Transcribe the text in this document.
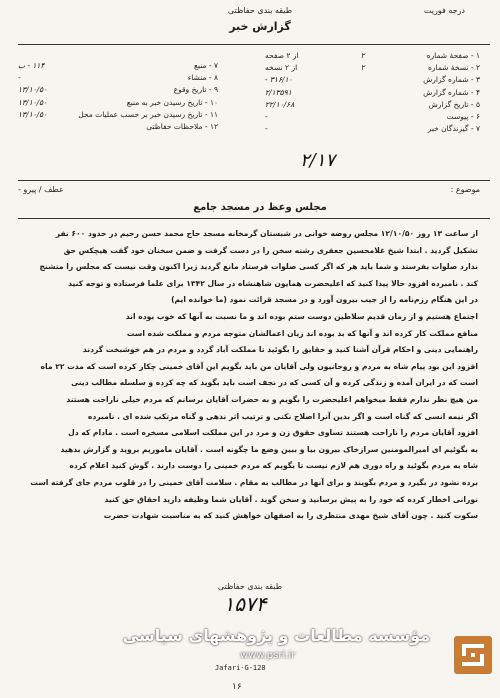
طبقه بندی حفاظتی
گزارش خبر
درجه فوریت
۱ - صفحهٔ شماره
۲
از ۲ صفحه
۲ - نسخهٔ شماره
۲
از ۲ نسخه
۳ - شماره گزارش
۳۱۶/۱۰ -
۴ - شماره گزارش
۲/۱۳۵۹۱
۵ - تاریخ گزارش
۲۲/۱۰/۶۸
۶ - پیوست
-
۷ - گیرندگان خبر
-
۷ - منبع
۱۱۴ - ب
۸ - منشاء
-
۹ - تاریخ وقوع
۱۳/۱۰/۵۰
۱۰ - تاریخ رسیدن خبر به منبع
۱۳/۱۰/۵۰
۱۱ - تاریخ رسیدن خبر بر حسب عملیات محل
۱۳/۱۰/۵۰
۱۲ - ملاحظات حفاظتی
۲/۱۷
موضوع :
عطف / پیرو -
مجلس وعظ در مسجد جامع
از ساعت ۱۳ روز ۱۲/۱۰/۵۰ مجلس روضه خوانی در شبستان گرمخانه مسجد حاج محمد حسن رحیم در حدود ۶۰۰ نفر
تشکیل گردید . ابتدا شیخ غلامحسین جعفری رشته سخن را در دست گرفت و ضمن سخنان خود گفت هیچکس حق
ندارد صلوات بفرستد و شما باید هر که اگر کسی صلوات فرستاد مانع گردید زیرا اکنون وقت نیست که مجلس را متشنج
کند . نامبرده افزود حالا پیدا کنید که اعلیحضرت همایون شاهنشاه در سال ۱۳۴۲ برای علما فرستاده و توجه کنید
در این هنگام رزم‌نامه را از جیب بیرون آورد و در مسجد قرائت نمود (ما خوانده ایم)
اجتماع هستیم و از زمان قدیم سلاطین دوست ستم بوده اند و ما نسبت به آنها که خوب بوده اند
منافع مملکت کار کرده اند و آنها که بد بوده اند زیان اعمالشان متوجه مردم و مملکت شده است
راهنمایی دینی و احکام قرآن آشنا کنید و حقایق را بگوئید تا مملکت آباد گردد و مردم در هم خوشبخت گردند
افزود این بود پیام شاه به مردم و روحانیون ولی آقایان من باید بگویم این آقای خمینی چکار کرده است که مدت ۲۲ ماه
است که در ایران آمده و زندگی کرده و آن کسی که در نجف است باید بگوید که چه کرده و سلسله مطالب دینی
من هیچ نظر ندارم فقط میخواهم اعلیحضرت را بگویم و به حضرات آقایان برسانم که مردم خیلی ناراحت هستند
اگر نیمه انسی که گناه است و اگر بدین آنرا اصلاح نکنی و ترتیب اثر ندهی و گناه مرتکب شده ای . نامبرده
افزود آقایان مردم را ناراحت هستند تساوی حقوق زن و مرد در این مملکت اسلامی مسخره است . مادام که دل
به بگوئیم ای امیرالمومنین سرازخاک بیرون بیا و ببین وضع ما چگونه است . آقایان ماموریم بروید و گزارش بدهید
شاه به مردم بگوئید و راه دوری هم لازم نیست تا بگویم که مردم خمینی را دوست دارند . گوش کنید اعلام کرده
برده نشود در بگیرد و مردم بگویند و برای آنها در مطالب به مقام . سلامت آقای خمینی را در قلوب مردم جای گرفته است
نورانی اخطار کرده که خود را به پیش برسانید و سخن گوید . آقایان شما وظیفه دارید احقاق حق کنید
سکوت کنید . چون آقای شیخ مهدی منتظری را به اصفهان خواهش کنید که به مناسبت شهادت حضرت
طبقه بندی حفاظتی
۱۵۷۴
مؤسسه مطالعات و پژوهشهای سیاسی
www.psri.ir
Jafari-G-128
۱۶
